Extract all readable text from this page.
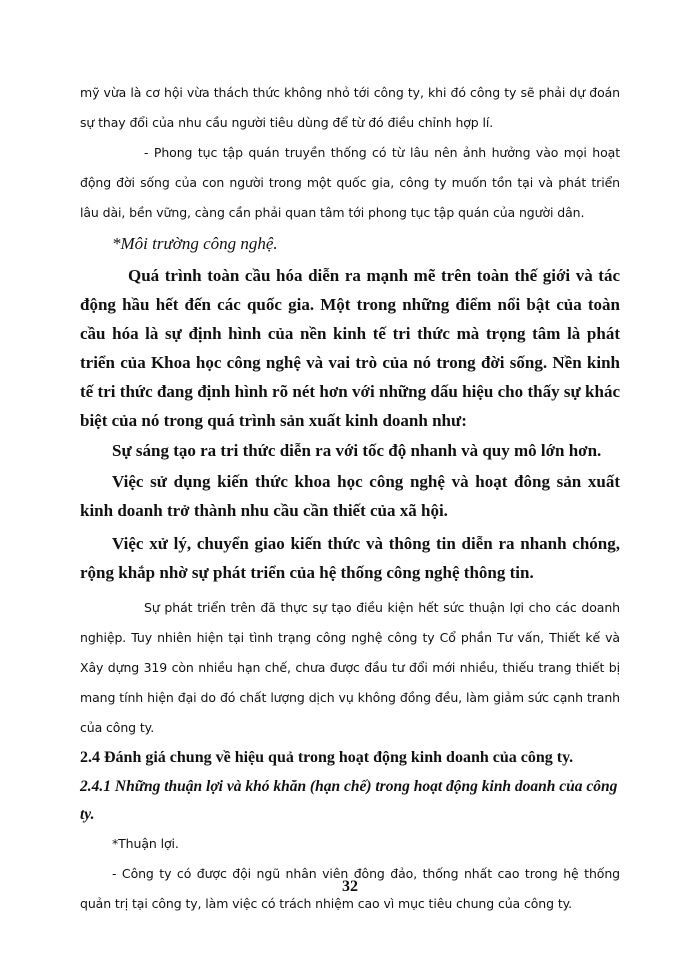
mỹ vừa là cơ hội vừa thách thức không nhỏ tới công ty, khi đó công ty sẽ phải dự đoán sự thay đổi của nhu cầu người tiêu dùng để từ đó điều chỉnh hợp lí.

- Phong tục tập quán truyền thống có từ lâu nên ảnh hưởng vào mọi hoạt động đời sống của con người trong một quốc gia, công ty muốn tồn tại và phát triển lâu dài, bền vững, càng cần phải quan tâm tới phong tục tập quán của người dân.

*Môi trường công nghệ.

Quá trình toàn cầu hóa diễn ra mạnh mẽ trên toàn thế giới và tác động hầu hết đến các quốc gia. Một trong những điểm nổi bật của toàn cầu hóa là sự định hình của nền kinh tế tri thức mà trọng tâm là phát triển của Khoa học công nghệ và vai trò của nó trong đời sống. Nền kinh tế tri thức đang định hình rõ nét hơn với những dấu hiệu cho thấy sự khác biệt của nó trong quá trình sản xuất kinh doanh như:

Sự sáng tạo ra tri thức diễn ra với tốc độ nhanh và quy mô lớn hơn.

Việc sử dụng kiến thức khoa học công nghệ và hoạt đông sản xuất kinh doanh trở thành nhu cầu cần thiết của xã hội.

Việc xử lý, chuyển giao kiến thức và thông tin diễn ra nhanh chóng, rộng khắp nhờ sự phát triển của hệ thống công nghệ thông tin.

Sự phát triển trên đã thực sự tạo điều kiện hết sức thuận lợi cho các doanh nghiệp. Tuy nhiên hiện tại tình trạng công nghệ công ty Cổ phần Tư vấn, Thiết kế và Xây dựng 319 còn nhiều hạn chế, chưa được đầu tư đổi mới nhiều, thiếu trang thiết bị mang tính hiện đại do đó chất lượng dịch vụ không đồng đều, làm giảm sức cạnh tranh của công ty.

2.4 Đánh giá chung về hiệu quả trong hoạt động kinh doanh của công ty.

2.4.1 Những thuận lợi và khó khăn (hạn chế) trong hoạt động kinh doanh của công ty.

*Thuận lợi.

- Công ty có được đội ngũ nhân viên đông đảo, thống nhất cao trong hệ thống quản trị tại công ty, làm việc có trách nhiệm cao vì mục tiêu chung của công ty.

32
